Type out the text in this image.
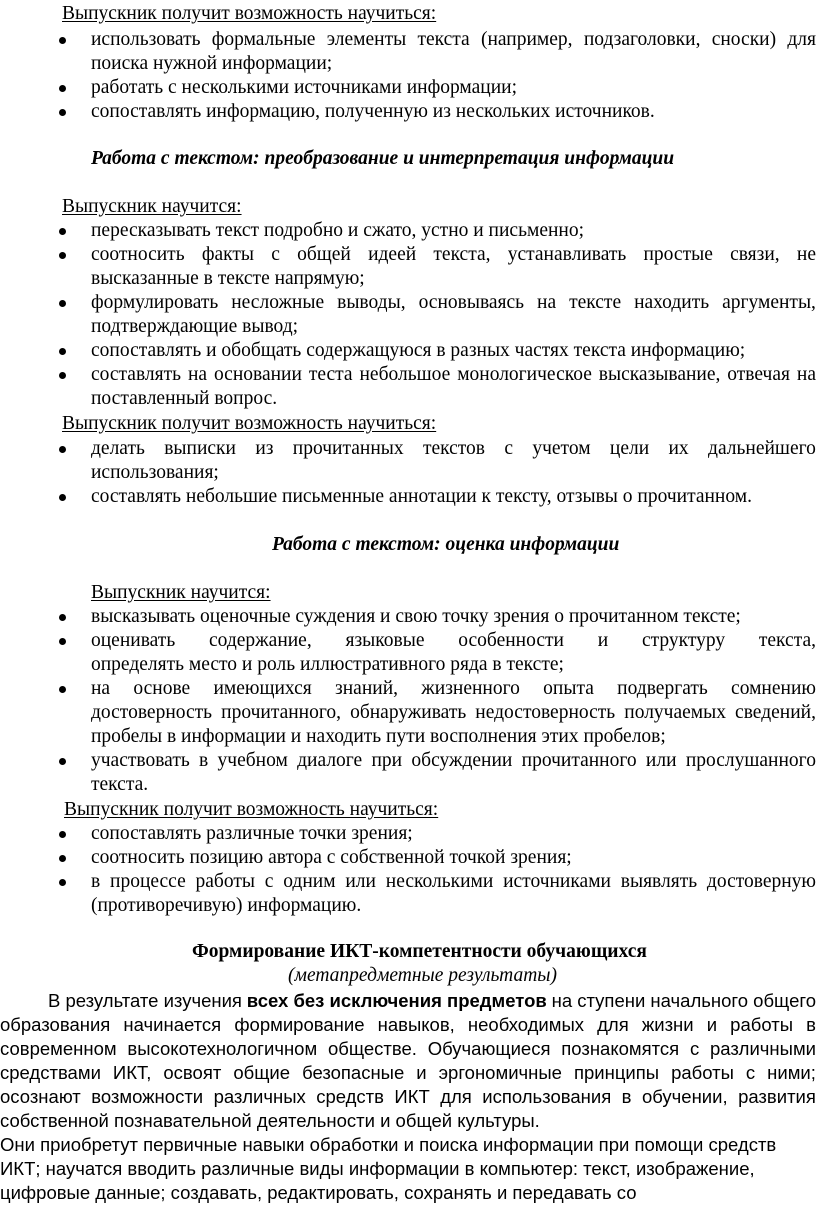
Выпускник получит возможность научиться:
использовать формальные элементы текста (например, подзаголовки, сноски) для
поиска нужной информации;
работать с несколькими источниками информации;
сопоставлять информацию, полученную из нескольких источников.
Работа с текстом: преобразование и интерпретация информации
Выпускник научится:
пересказывать текст подробно и сжато, устно и письменно;
соотносить факты с общей идеей текста, устанавливать простые связи, не
высказанные в тексте напрямую;
формулировать несложные выводы, основываясь на тексте находить аргументы,
подтверждающие вывод;
сопоставлять и обобщать содержащуюся в разных частях текста информацию;
составлять на основании теста небольшое монологическое высказывание, отвечая на
поставленный вопрос.
Выпускник получит возможность научиться:
делать выписки из прочитанных текстов с учетом цели их дальнейшего
использования;
составлять небольшие письменные аннотации к тексту, отзывы о прочитанном.
Работа с текстом: оценка информации
Выпускник научится:
высказывать оценочные суждения и свою точку зрения о прочитанном тексте;
оценивать содержание, языковые особенности и структуру текста,
определять место и роль иллюстративного ряда в тексте;
на основе имеющихся знаний, жизненного опыта подвергать сомнению
достоверность прочитанного, обнаруживать недостоверность получаемых сведений,
пробелы в информации и находить пути восполнения этих пробелов;
участвовать в учебном диалоге при обсуждении прочитанного или прослушанного
текста.
Выпускник получит возможность научиться:
сопоставлять различные точки зрения;
соотносить позицию автора с собственной точкой зрения;
в процессе работы с одним или несколькими источниками выявлять достоверную
(противоречивую) информацию.
Формирование ИКТ-компетентности обучающихся
(метапредметные результаты)
В результате изучения всех без исключения предметов на ступени начального общего
образования начинается формирование навыков, необходимых для жизни и работы в
современном высокотехнологичном обществе. Обучающиеся познакомятся с различными
средствами ИКТ, освоят общие безопасные и эргономичные принципы работы с ними;
осознают возможности различных средств ИКТ для использования в обучении, развития
собственной познавательной деятельности и общей культуры.
Они приобретут первичные навыки обработки и поиска информации при помощи средств
ИКТ; научатся вводить различные виды информации в компьютер: текст, изображение,
цифровые данные; создавать, редактировать, сохранять и передавать со
